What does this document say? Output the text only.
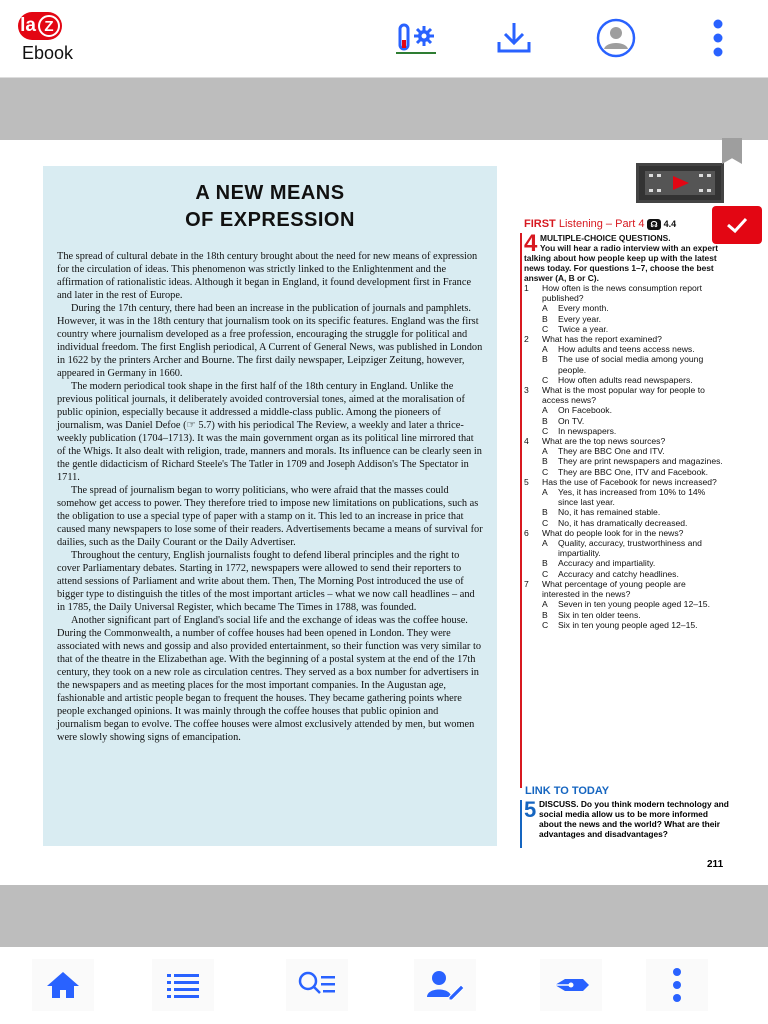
la Z
Ebook
A NEW MEANS
OF EXPRESSION

The spread of cultural debate in the 18th century brought about the need for new means of expression for the circulation of ideas. This phenomenon was strictly linked to the Enlightenment and the affirmation of rationalistic ideas. Although it began in England, it found development first in France and later in the rest of Europe.

During the 17th century, there had been an increase in the publication of journals and pamphlets. However, it was in the 18th century that journalism took on its specific features. England was the first country where journalism developed as a free profession, encouraging the struggle for political and individual freedom. The first English periodical, A Current of General News, was published in London in 1622 by the printers Archer and Bourne. The first daily newspaper, Leipziger Zeitung, however, appeared in Germany in 1660.

The modern periodical took shape in the first half of the 18th century in England. Unlike the previous political journals, it deliberately avoided controversial tones, aimed at the moralisation of public opinion, especially because it addressed a middle-class public. Among the pioneers of journalism, was Daniel Defoe (☞ 5.7) with his periodical The Review, a weekly and later a thrice-weekly publication (1704–1713). It was the main government organ as its political line mirrored that of the Whigs. It also dealt with religion, trade, manners and morals. Its influence can be clearly seen in the gentle didacticism of Richard Steele's The Tatler in 1709 and Joseph Addison's The Spectator in 1711.

The spread of journalism began to worry politicians, who were afraid that the masses could somehow get access to power. They therefore tried to impose new limitations on publications, such as the obligation to use a special type of paper with a stamp on it. This led to an increase in price that caused many newspapers to lose some of their readers. Advertisements became a means of survival for dailies, such as the Daily Courant or the Daily Advertiser.

Throughout the century, English journalists fought to defend liberal principles and the right to cover Parliamentary debates. Starting in 1772, newspapers were allowed to send their reporters to attend sessions of Parliament and write about them. Then, The Morning Post introduced the use of bigger type to distinguish the titles of the most important articles – what we now call headlines – and in 1785, the Daily Universal Register, which became The Times in 1788, was founded.

Another significant part of England's social life and the exchange of ideas was the coffee house. During the Commonwealth, a number of coffee houses had been opened in London. They were associated with news and gossip and also provided entertainment, so their function was very similar to that of the theatre in the Elizabethan age. With the beginning of a postal system at the end of the 17th century, they took on a new role as circulation centres. They served as a box number for advertisers in the newspapers and as meeting places for the most important companies. In the Augustan age, fashionable and artistic people began to frequent the houses. They became gathering points where people exchanged opinions. It was mainly through the coffee houses that public opinion and journalism began to evolve. The coffee houses were almost exclusively attended by men, but women were slowly showing signs of emancipation.

FIRST Listening – Part 4 ☊ 4.4
4 MULTIPLE-CHOICE QUESTIONS.
You will hear a radio interview with an expert talking about how people keep up with the latest news today. For questions 1–7, choose the best answer (A, B or C).
1	How often is the news consumption report published?
A Every month.
B Every year.
C Twice a year.
2	What has the report examined?
A How adults and teens access news.
B The use of social media among young people.
C How often adults read newspapers.
3	What is the most popular way for people to access news?
A On Facebook.
B On TV.
C In newspapers.
4	What are the top news sources?
A They are BBC One and ITV.
B They are print newspapers and magazines.
C They are BBC One, ITV and Facebook.
5	Has the use of Facebook for news increased?
A Yes, it has increased from 10% to 14% since last year.
B No, it has remained stable.
C No, it has dramatically decreased.
6	What do people look for in the news?
A Quality, accuracy, trustworthiness and impartiality.
B Accuracy and impartiality.
C Accuracy and catchy headlines.
7	What percentage of young people are interested in the news?
A Seven in ten young people aged 12–15.
B Six in ten older teens.
C Six in ten young people aged 12–15.
LINK TO TODAY
5 DISCUSS. Do you think modern technology and social media allow us to be more informed about the news and the world? What are their advantages and disadvantages?
211
